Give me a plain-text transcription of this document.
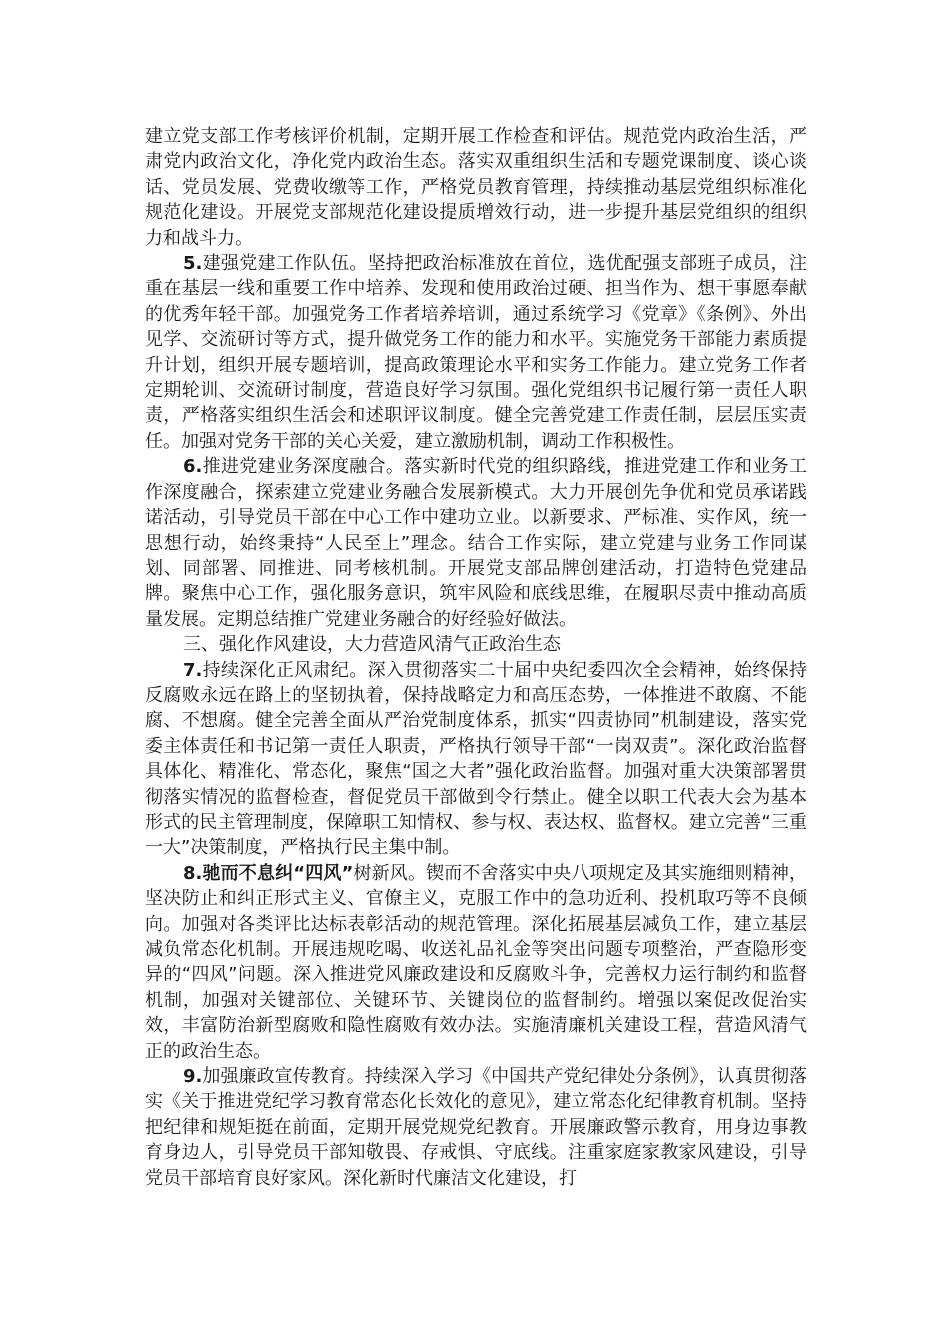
建立党支部工作考核评价机制，定期开展工作检查和评估。规范党内政治生活，严肃党内政治文化，净化党内政治生态。落实双重组织生活和专题党课制度、谈心谈话、党员发展、党费收缴等工作，严格党员教育管理，持续推动基层党组织标准化规范化建设。开展党支部规范化建设提质增效行动，进一步提升基层党组织的组织力和战斗力。

5.建强党建工作队伍。坚持把政治标准放在首位，选优配强支部班子成员，注重在基层一线和重要工作中培养、发现和使用政治过硬、担当作为、想干事愿奉献的优秀年轻干部。加强党务工作者培养培训，通过系统学习《党章》《条例》、外出见学、交流研讨等方式，提升做党务工作的能力和水平。实施党务干部能力素质提升计划，组织开展专题培训，提高政策理论水平和实务工作能力。建立党务工作者定期轮训、交流研讨制度，营造良好学习氛围。强化党组织书记履行第一责任人职责，严格落实组织生活会和述职评议制度。健全完善党建工作责任制，层层压实责任。加强对党务干部的关心关爱，建立激励机制，调动工作积极性。

6.推进党建业务深度融合。落实新时代党的组织路线，推进党建工作和业务工作深度融合，探索建立党建业务融合发展新模式。大力开展创先争优和党员承诺践诺活动，引导党员干部在中心工作中建功立业。以新要求、严标准、实作风，统一思想行动，始终秉持“人民至上”理念。结合工作实际，建立党建与业务工作同谋划、同部署、同推进、同考核机制。开展党支部品牌创建活动，打造特色党建品牌。聚焦中心工作，强化服务意识，筑牢风险和底线思维，在履职尽责中推动高质量发展。定期总结推广党建业务融合的好经验好做法。

三、强化作风建设，大力营造风清气正政治生态

7.持续深化正风肃纪。深入贯彻落实二十届中央纪委四次全会精神，始终保持反腐败永远在路上的坚韧执着，保持战略定力和高压态势，一体推进不敢腐、不能腐、不想腐。健全完善全面从严治党制度体系，抓实“四责协同”机制建设，落实党委主体责任和书记第一责任人职责，严格执行领导干部“一岗双责”。深化政治监督具体化、精准化、常态化，聚焦“国之大者”强化政治监督。加强对重大决策部署贯彻落实情况的监督检查，督促党员干部做到令行禁止。健全以职工代表大会为基本形式的民主管理制度，保障职工知情权、参与权、表达权、监督权。建立完善“三重一大”决策制度，严格执行民主集中制。

8.驰而不息纠“四风”树新风。锲而不舍落实中央八项规定及其实施细则精神，坚决防止和纠正形式主义、官僚主义，克服工作中的急功近利、投机取巧等不良倾向。加强对各类评比达标表彰活动的规范管理。深化拓展基层减负工作，建立基层减负常态化机制。开展违规吃喝、收送礼品礼金等突出问题专项整治，严查隐形变异的“四风”问题。深入推进党风廉政建设和反腐败斗争，完善权力运行制约和监督机制，加强对关键部位、关键环节、关键岗位的监督制约。增强以案促改促治实效，丰富防治新型腐败和隐性腐败有效办法。实施清廉机关建设工程，营造风清气正的政治生态。

9.加强廉政宣传教育。持续深入学习《中国共产党纪律处分条例》，认真贯彻落实《关于推进党纪学习教育常态化长效化的意见》，建立常态化纪律教育机制。坚持把纪律和规矩挺在前面，定期开展党规党纪教育。开展廉政警示教育，用身边事教育身边人，引导党员干部知敬畏、存戒惧、守底线。注重家庭家教家风建设，引导党员干部培育良好家风。深化新时代廉洁文化建设，打
